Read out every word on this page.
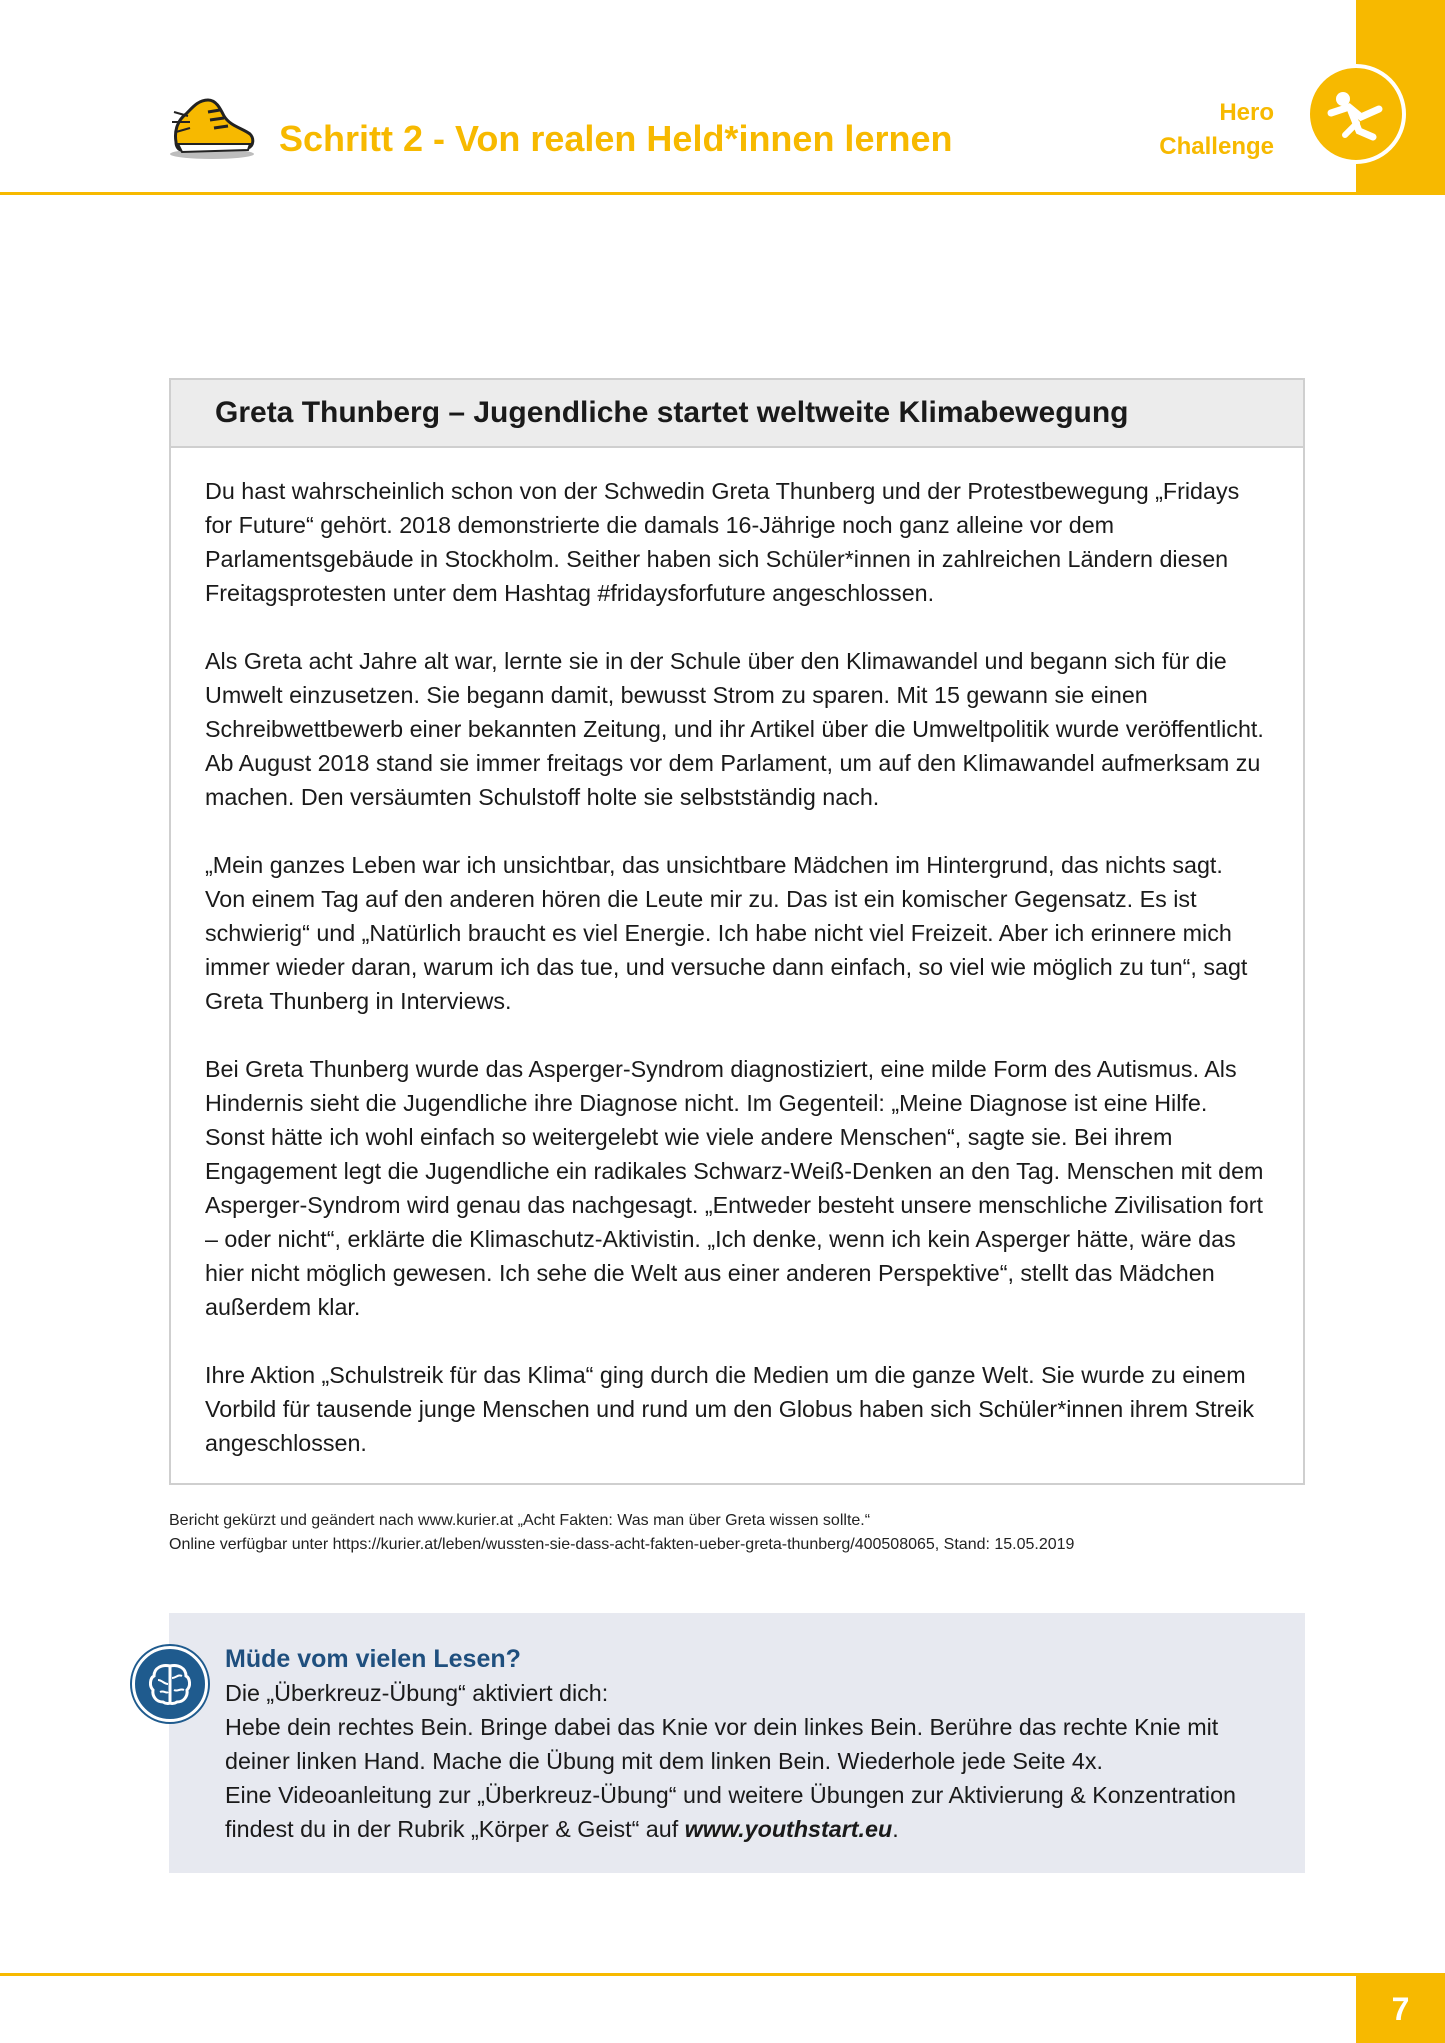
Schritt 2 - Von realen Held*innen lernen
Hero
Challenge
Greta Thunberg – Jugendliche startet weltweite Klimabewegung

Du hast wahrscheinlich schon von der Schwedin Greta Thunberg und der Protestbewegung „Fridays for Future“ gehört. 2018 demonstrierte die damals 16-Jährige noch ganz alleine vor dem Parlamentsgebäude in Stockholm. Seither haben sich Schüler*innen in zahlreichen Ländern diesen Freitagsprotesten unter dem Hashtag #fridaysforfuture angeschlossen.

Als Greta acht Jahre alt war, lernte sie in der Schule über den Klimawandel und begann sich für die Umwelt einzusetzen. Sie begann damit, bewusst Strom zu sparen. Mit 15 gewann sie einen Schreibwettbewerb einer bekannten Zeitung, und ihr Artikel über die Umweltpolitik wurde veröffentlicht. Ab August 2018 stand sie immer freitags vor dem Parlament, um auf den Klimawandel aufmerksam zu machen. Den versäumten Schulstoff holte sie selbstständig nach.

„Mein ganzes Leben war ich unsichtbar, das unsichtbare Mädchen im Hintergrund, das nichts sagt. Von einem Tag auf den anderen hören die Leute mir zu. Das ist ein komischer Gegensatz. Es ist schwierig“ und „Natürlich braucht es viel Energie. Ich habe nicht viel Freizeit. Aber ich erinnere mich immer wieder daran, warum ich das tue, und versuche dann einfach, so viel wie möglich zu tun“, sagt Greta Thunberg in Interviews.

Bei Greta Thunberg wurde das Asperger-Syndrom diagnostiziert, eine milde Form des Autismus. Als Hindernis sieht die Jugendliche ihre Diagnose nicht. Im Gegenteil: „Meine Diagnose ist eine Hilfe. Sonst hätte ich wohl einfach so weitergelebt wie viele andere Menschen“, sagte sie. Bei ihrem Engagement legt die Jugendliche ein radikales Schwarz-Weiß-Denken an den Tag. Menschen mit dem Asperger-Syndrom wird genau das nachgesagt. „Entweder besteht unsere menschliche Zivilisation fort – oder nicht“, erklärte die Klimaschutz-Aktivistin. „Ich denke, wenn ich kein Asperger hätte, wäre das hier nicht möglich gewesen. Ich sehe die Welt aus einer anderen Perspektive“, stellt das Mädchen außerdem klar.

Ihre Aktion „Schulstreik für das Klima“ ging durch die Medien um die ganze Welt. Sie wurde zu einem Vorbild für tausende junge Menschen und rund um den Globus haben sich Schüler*innen ihrem Streik angeschlossen.

Bericht gekürzt und geändert nach www.kurier.at „Acht Fakten: Was man über Greta wissen sollte.“
Online verfügbar unter https://kurier.at/leben/wussten-sie-dass-acht-fakten-ueber-greta-thunberg/400508065, Stand: 15.05.2019
Müde vom vielen Lesen?
Die „Überkreuz-Übung“ aktiviert dich:
Hebe dein rechtes Bein. Bringe dabei das Knie vor dein linkes Bein. Berühre das rechte Knie mit deiner linken Hand. Mache die Übung mit dem linken Bein. Wiederhole jede Seite 4x.
Eine Videoanleitung zur „Überkreuz-Übung“ und weitere Übungen zur Aktivierung & Konzentration findest du in der Rubrik „Körper & Geist“ auf www.youthstart.eu.
7
